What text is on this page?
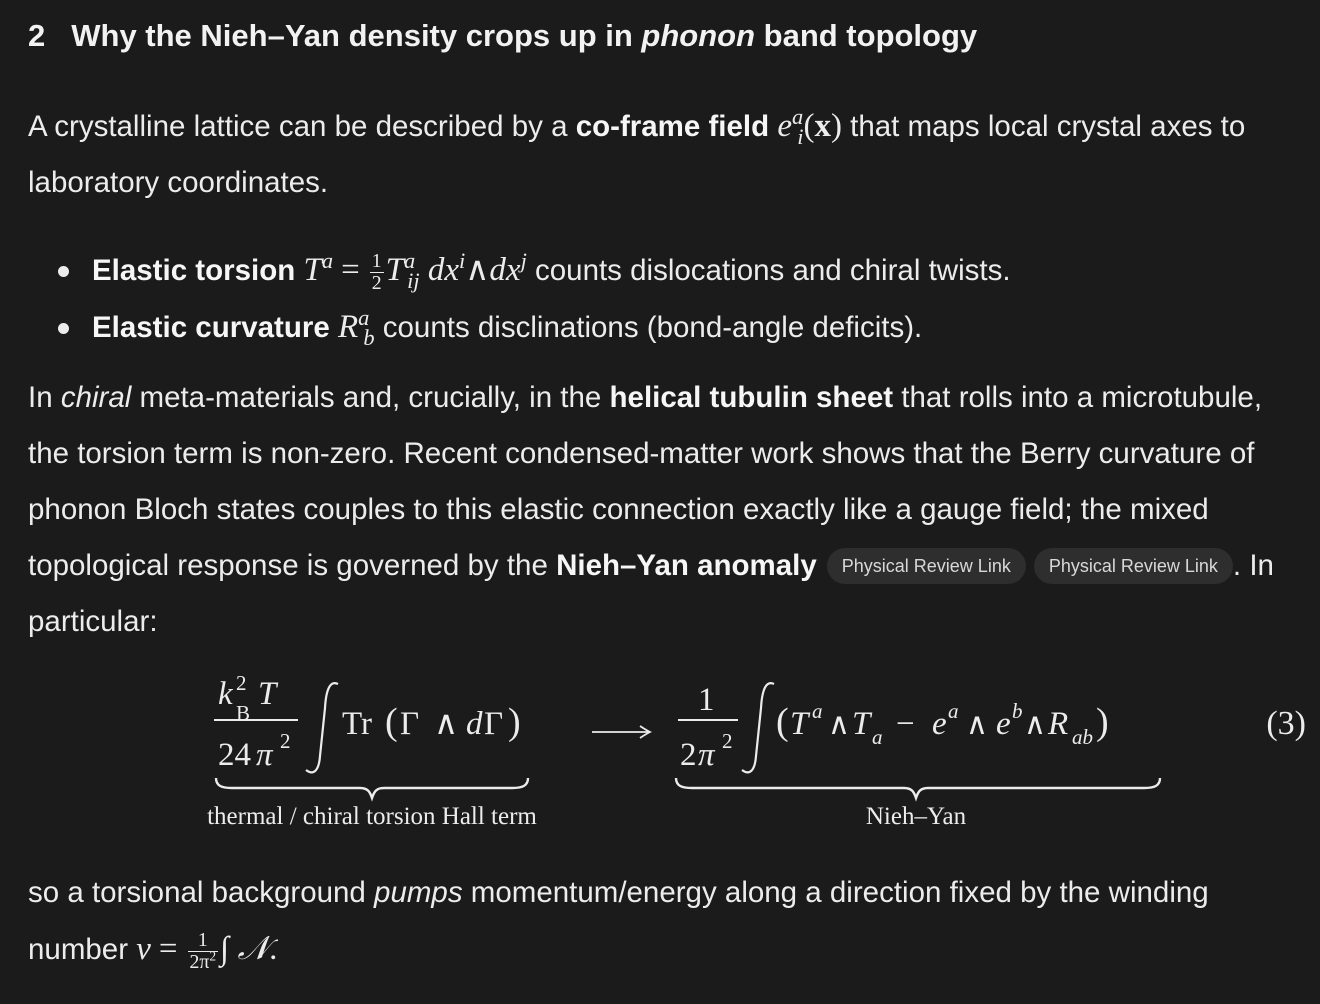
2 Why the Nieh–Yan density crops up in phonon band topology
A crystalline lattice can be described by a co-frame field $e^a_i(x)$ that maps local crystal axes to laboratory coordinates.
Elastic torsion $T^a = \frac{1}{2} T^a_{ij}$ $dx^i\wedge dx^j$ counts dislocations and chiral twists.
Elastic curvature $R^a_b$ counts disclinations (bond-angle deficits).
In chiral meta-materials and, crucially, in the helical tubulin sheet that rolls into a microtubule, the torsion term is non-zero. Recent condensed-matter work shows that the Berry curvature of phonon Bloch states couples to this elastic connection exactly like a gauge field; the mixed topological response is governed by the Nieh–Yan anomaly Physical Review Link Physical Review Link . In particular:
k 2
B
T
24 π 2 Tr ( Γ ∧ d Γ )
thermal / chiral torsion Hall term
1
2 π 2 ( T a ∧ T a − e a ∧ e b ∧ R ab )
Nieh–Yan
(3)
so a torsional background pumps momentum/energy along a direction fixed by the winding number $\nu = \frac{1}{2\pi^2}$ ∫ 𝒩.
